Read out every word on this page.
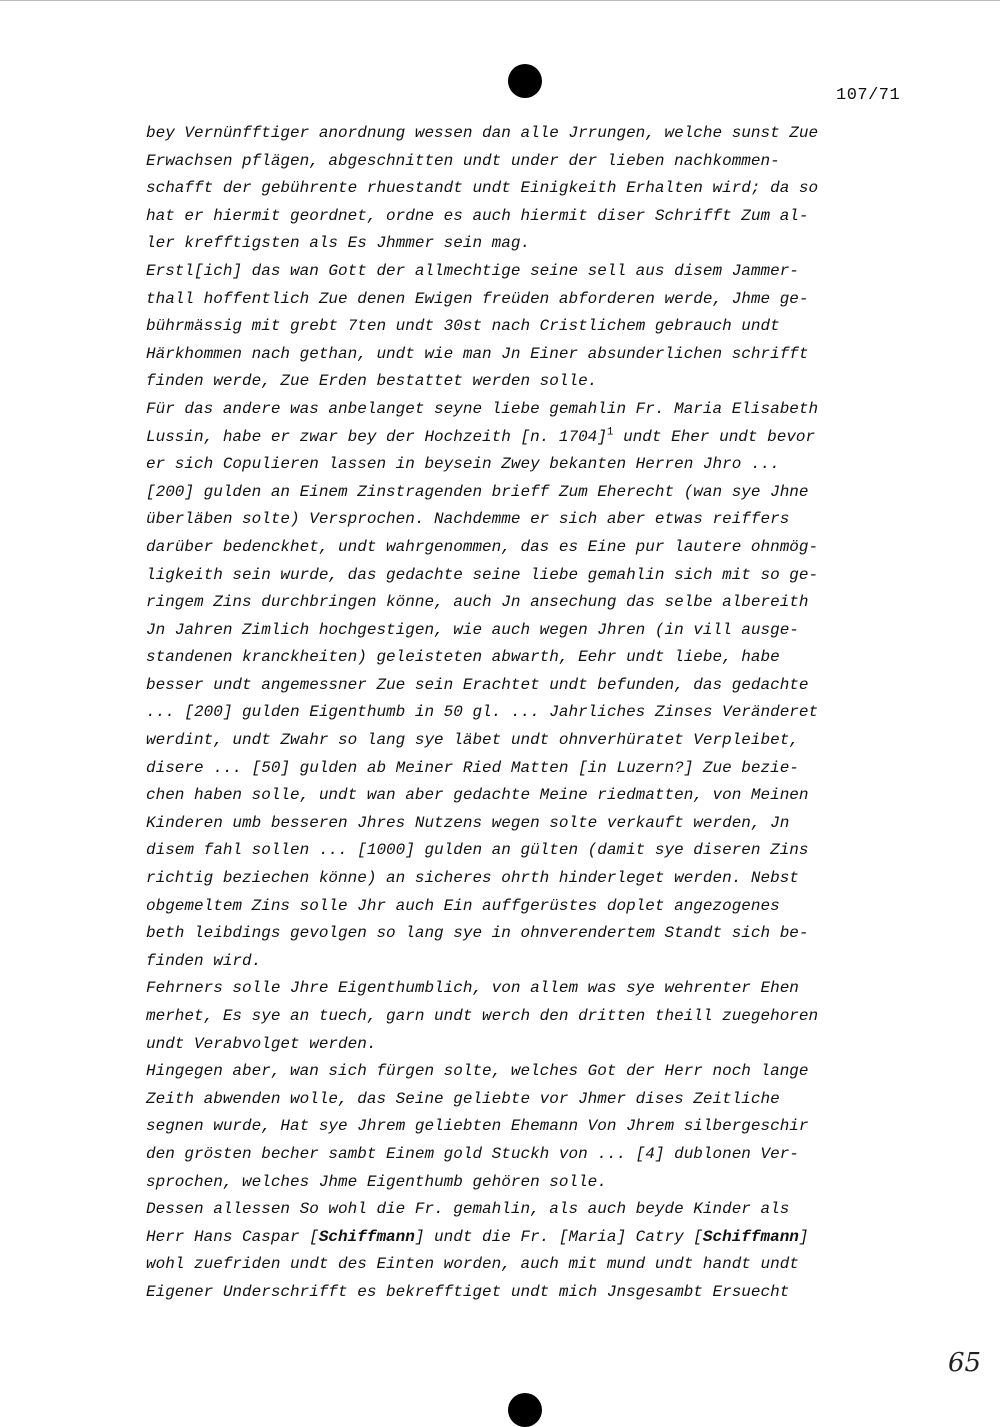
107/71
bey Vernünfftiger anordnung wessen dan alle Jrrungen, welche sunst Zue
Erwachsen pflägen, abgeschnitten undt under der lieben nachkommen-
schafft der gebührente rhuestandt undt Einigkeith Erhalten wird; da so
hat er hiermit geordnet, ordne es auch hiermit diser Schrifft Zum al-
ler krefftigsten als Es Jhmmer sein mag.
Erstl[ich] das wan Gott der allmechtige seine sell aus disem Jammer-
thall hoffentlich Zue denen Ewigen freüden abforderen werde, Jhme ge-
bührmässig mit grebt 7ten undt 30st nach Cristlichem gebrauch undt
Härkhommen nach gethan, undt wie man Jn Einer absunderlichen schrifft
finden werde, Zue Erden bestattet werden solle.
Für das andere was anbelanget seyne liebe gemahlin Fr. Maria Elisabeth
Lussin, habe er zwar bey der Hochzeith [n. 1704]$^1$ undt Eher undt bevor
er sich Copulieren lassen in beysein Zwey bekanten Herren Jhro ...
[200] gulden an Einem Zinstragenden brieff Zum Eherecht (wan sye Jhne
überläben solte) Versprochen. Nachdemme er sich aber etwas reiffers
darüber bedenckhet, undt wahrgenommen, das es Eine pur lautere ohnmög-
ligkeith sein wurde, das gedachte seine liebe gemahlin sich mit so ge-
ringem Zins durchbringen könne, auch Jn ansechung das selbe albereith
Jn Jahren Zimlich hochgestigen, wie auch wegen Jhren (in vill ausge-
standenen kranckheiten) geleisteten abwarth, Eehr undt liebe, habe
besser undt angemessner Zue sein Erachtet undt befunden, das gedachte
... [200] gulden Eigenthumb in 50 gl. ... Jahrliches Zinses Veränderet
werdint, undt Zwahr so lang sye läbet undt ohnverhüratet Verpleibet,
disere ... [50] gulden ab Meiner Ried Matten [in Luzern?] Zue bezie-
chen haben solle, undt wan aber gedachte Meine riedmatten, von Meinen
Kinderen umb besseren Jhres Nutzens wegen solte verkauft werden, Jn
disem fahl sollen ... [1000] gulden an gülten (damit sye diseren Zins
richtig beziechen könne) an sicheres ohrth hinderleget werden. Nebst
obgemeltem Zins solle Jhr auch Ein auffgerüstes doplet angezogenes
beth leibdings gevolgen so lang sye in ohnverendertem Standt sich be-
finden wird.
Fehrners solle Jhre Eigenthumblich, von allem was sye wehrenter Ehen
merhet, Es sye an tuech, garn undt werch den dritten theill zuegehoren
undt Verabvolget werden.
Hingegen aber, wan sich fürgen solte, welches Got der Herr noch lange
Zeith abwenden wolle, das Seine geliebte vor Jhmer dises Zeitliche
segnen wurde, Hat sye Jhrem geliebten Ehemann Von Jhrem silbergeschir
den grösten becher sambt Einem gold Stuckh von ... [4] dublonen Ver-
sprochen, welches Jhme Eigenthumb gehören solle.
Dessen allessen So wohl die Fr. gemahlin, als auch beyde Kinder als
Herr Hans Caspar [Schiffmann] undt die Fr. [Maria] Catry [Schiffmann]
wohl zuefriden undt des Einten worden, auch mit mund undt handt undt
Eigener Underschrifft es bekrefftiget undt mich Jnsgesambt Ersuecht
65
